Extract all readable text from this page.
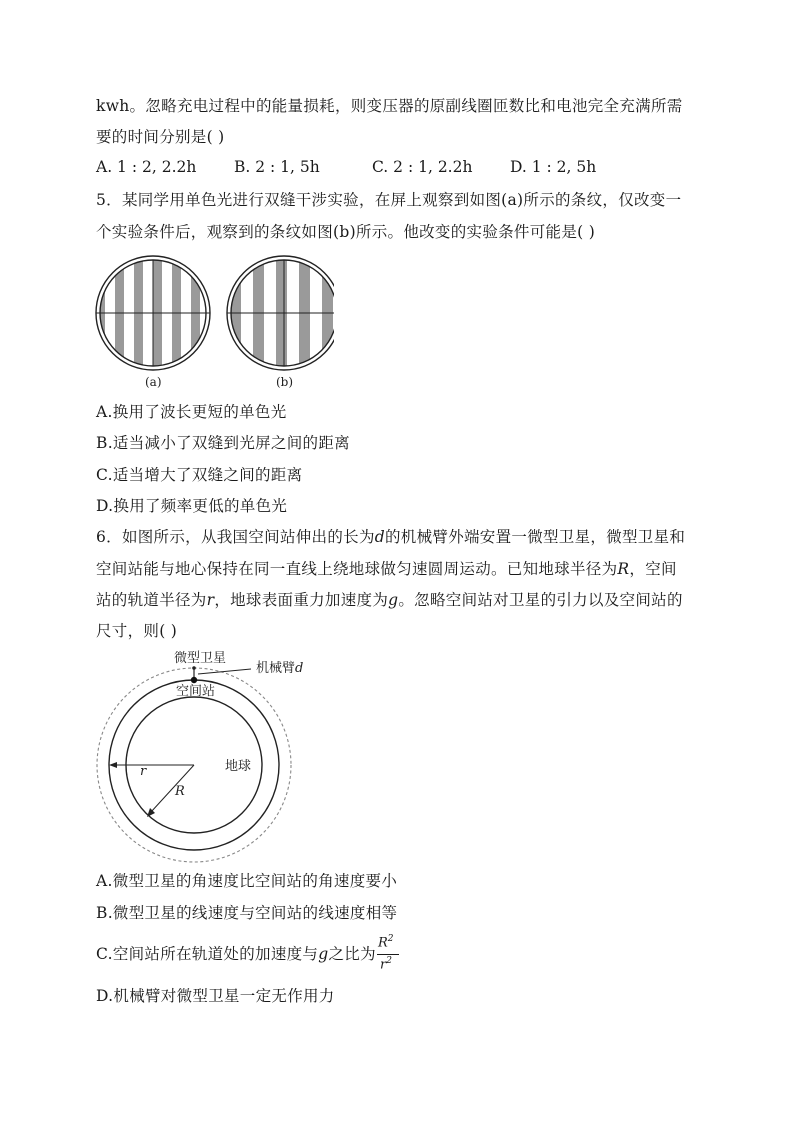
kwh。忽略充电过程中的能量损耗，则变压器的原副线圈匝数比和电池完全充满所需
要的时间分别是( )
A. 1 : 2, 2.2h B. 2 : 1, 5h	C. 2 : 1, 2.2h D. 1 : 2, 5h
5．某同学用单色光进行双缝干涉实验，在屏上观察到如图(a)所示的条纹，仅改变一
个实验条件后，观察到的条纹如图(b)所示。他改变的实验条件可能是( )
(a)	(b)
A.换用了波长更短的单色光
B.适当减小了双缝到光屏之间的距离
C.适当增大了双缝之间的距离
D.换用了频率更低的单色光
6．如图所示，从我国空间站伸出的长为d的机械臂外端安置一微型卫星，微型卫星和
空间站能与地心保持在同一直线上绕地球做匀速圆周运动。已知地球半径为R，空间
站的轨道半径为r，地球表面重力加速度为g。忽略空间站对卫星的引力以及空间站的
尺寸，则( )
微型卫星
机械臂d
空间站
地球
r
R
A.微型卫星的角速度比空间站的角速度要小
B.微型卫星的线速度与空间站的线速度相等
C.空间站所在轨道处的加速度与g之比为
$R^2$
$r^2$
D.机械臂对微型卫星一定无作用力
